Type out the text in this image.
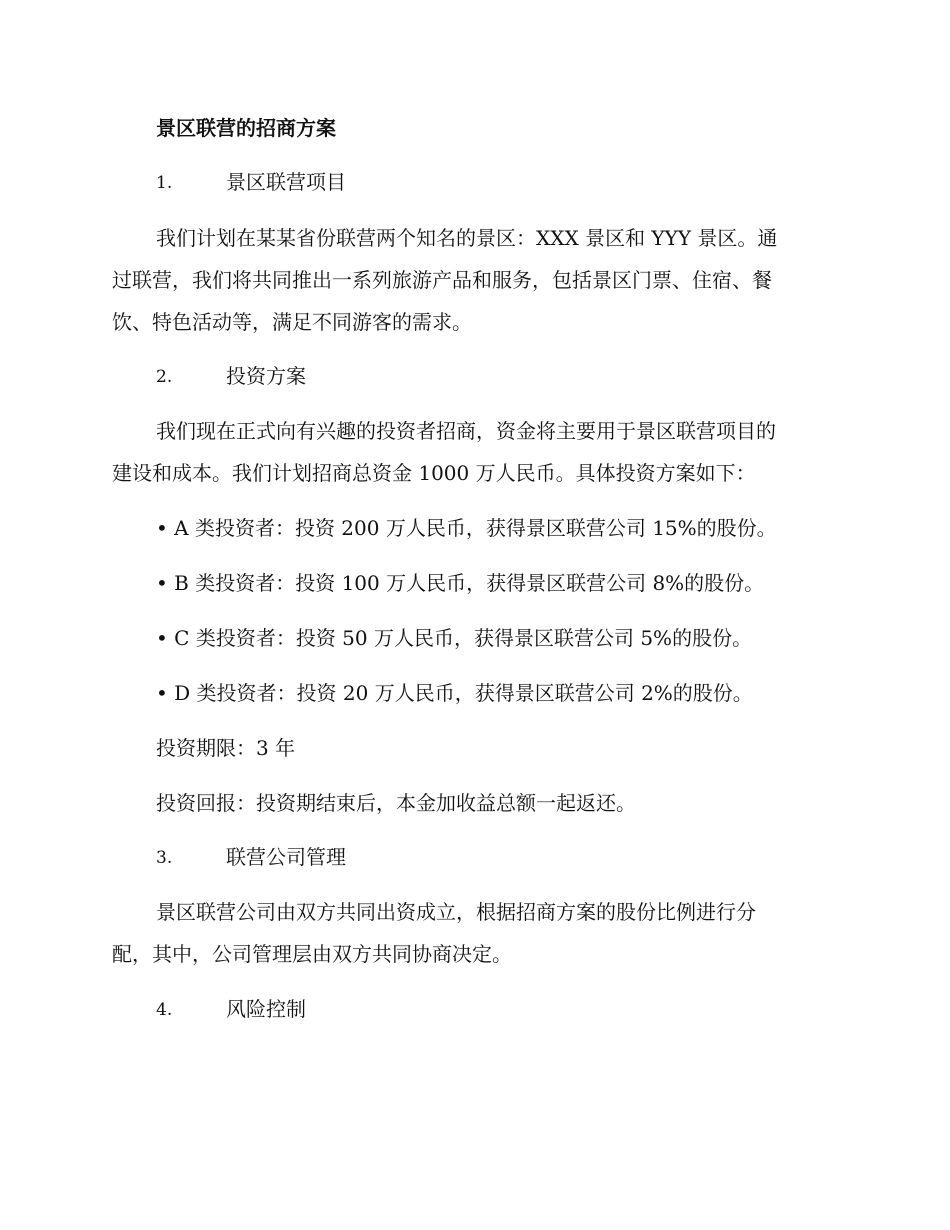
景区联营的招商方案
1.	景区联营项目
我们计划在某某省份联营两个知名的景区：XXX 景区和 YYY 景区。通
过联营，我们将共同推出一系列旅游产品和服务，包括景区门票、住宿、餐
饮、特色活动等，满足不同游客的需求。
2.	投资方案
我们现在正式向有兴趣的投资者招商，资金将主要用于景区联营项目的
建设和成本。我们计划招商总资金 1000 万人民币。具体投资方案如下：
• A 类投资者：投资 200 万人民币，获得景区联营公司 15%的股份。
• B 类投资者：投资 100 万人民币，获得景区联营公司 8%的股份。
• C 类投资者：投资 50 万人民币，获得景区联营公司 5%的股份。
• D 类投资者：投资 20 万人民币，获得景区联营公司 2%的股份。
投资期限：3 年
投资回报：投资期结束后，本金加收益总额一起返还。
3.	联营公司管理
景区联营公司由双方共同出资成立，根据招商方案的股份比例进行分
配，其中，公司管理层由双方共同协商决定。
4.	风险控制
